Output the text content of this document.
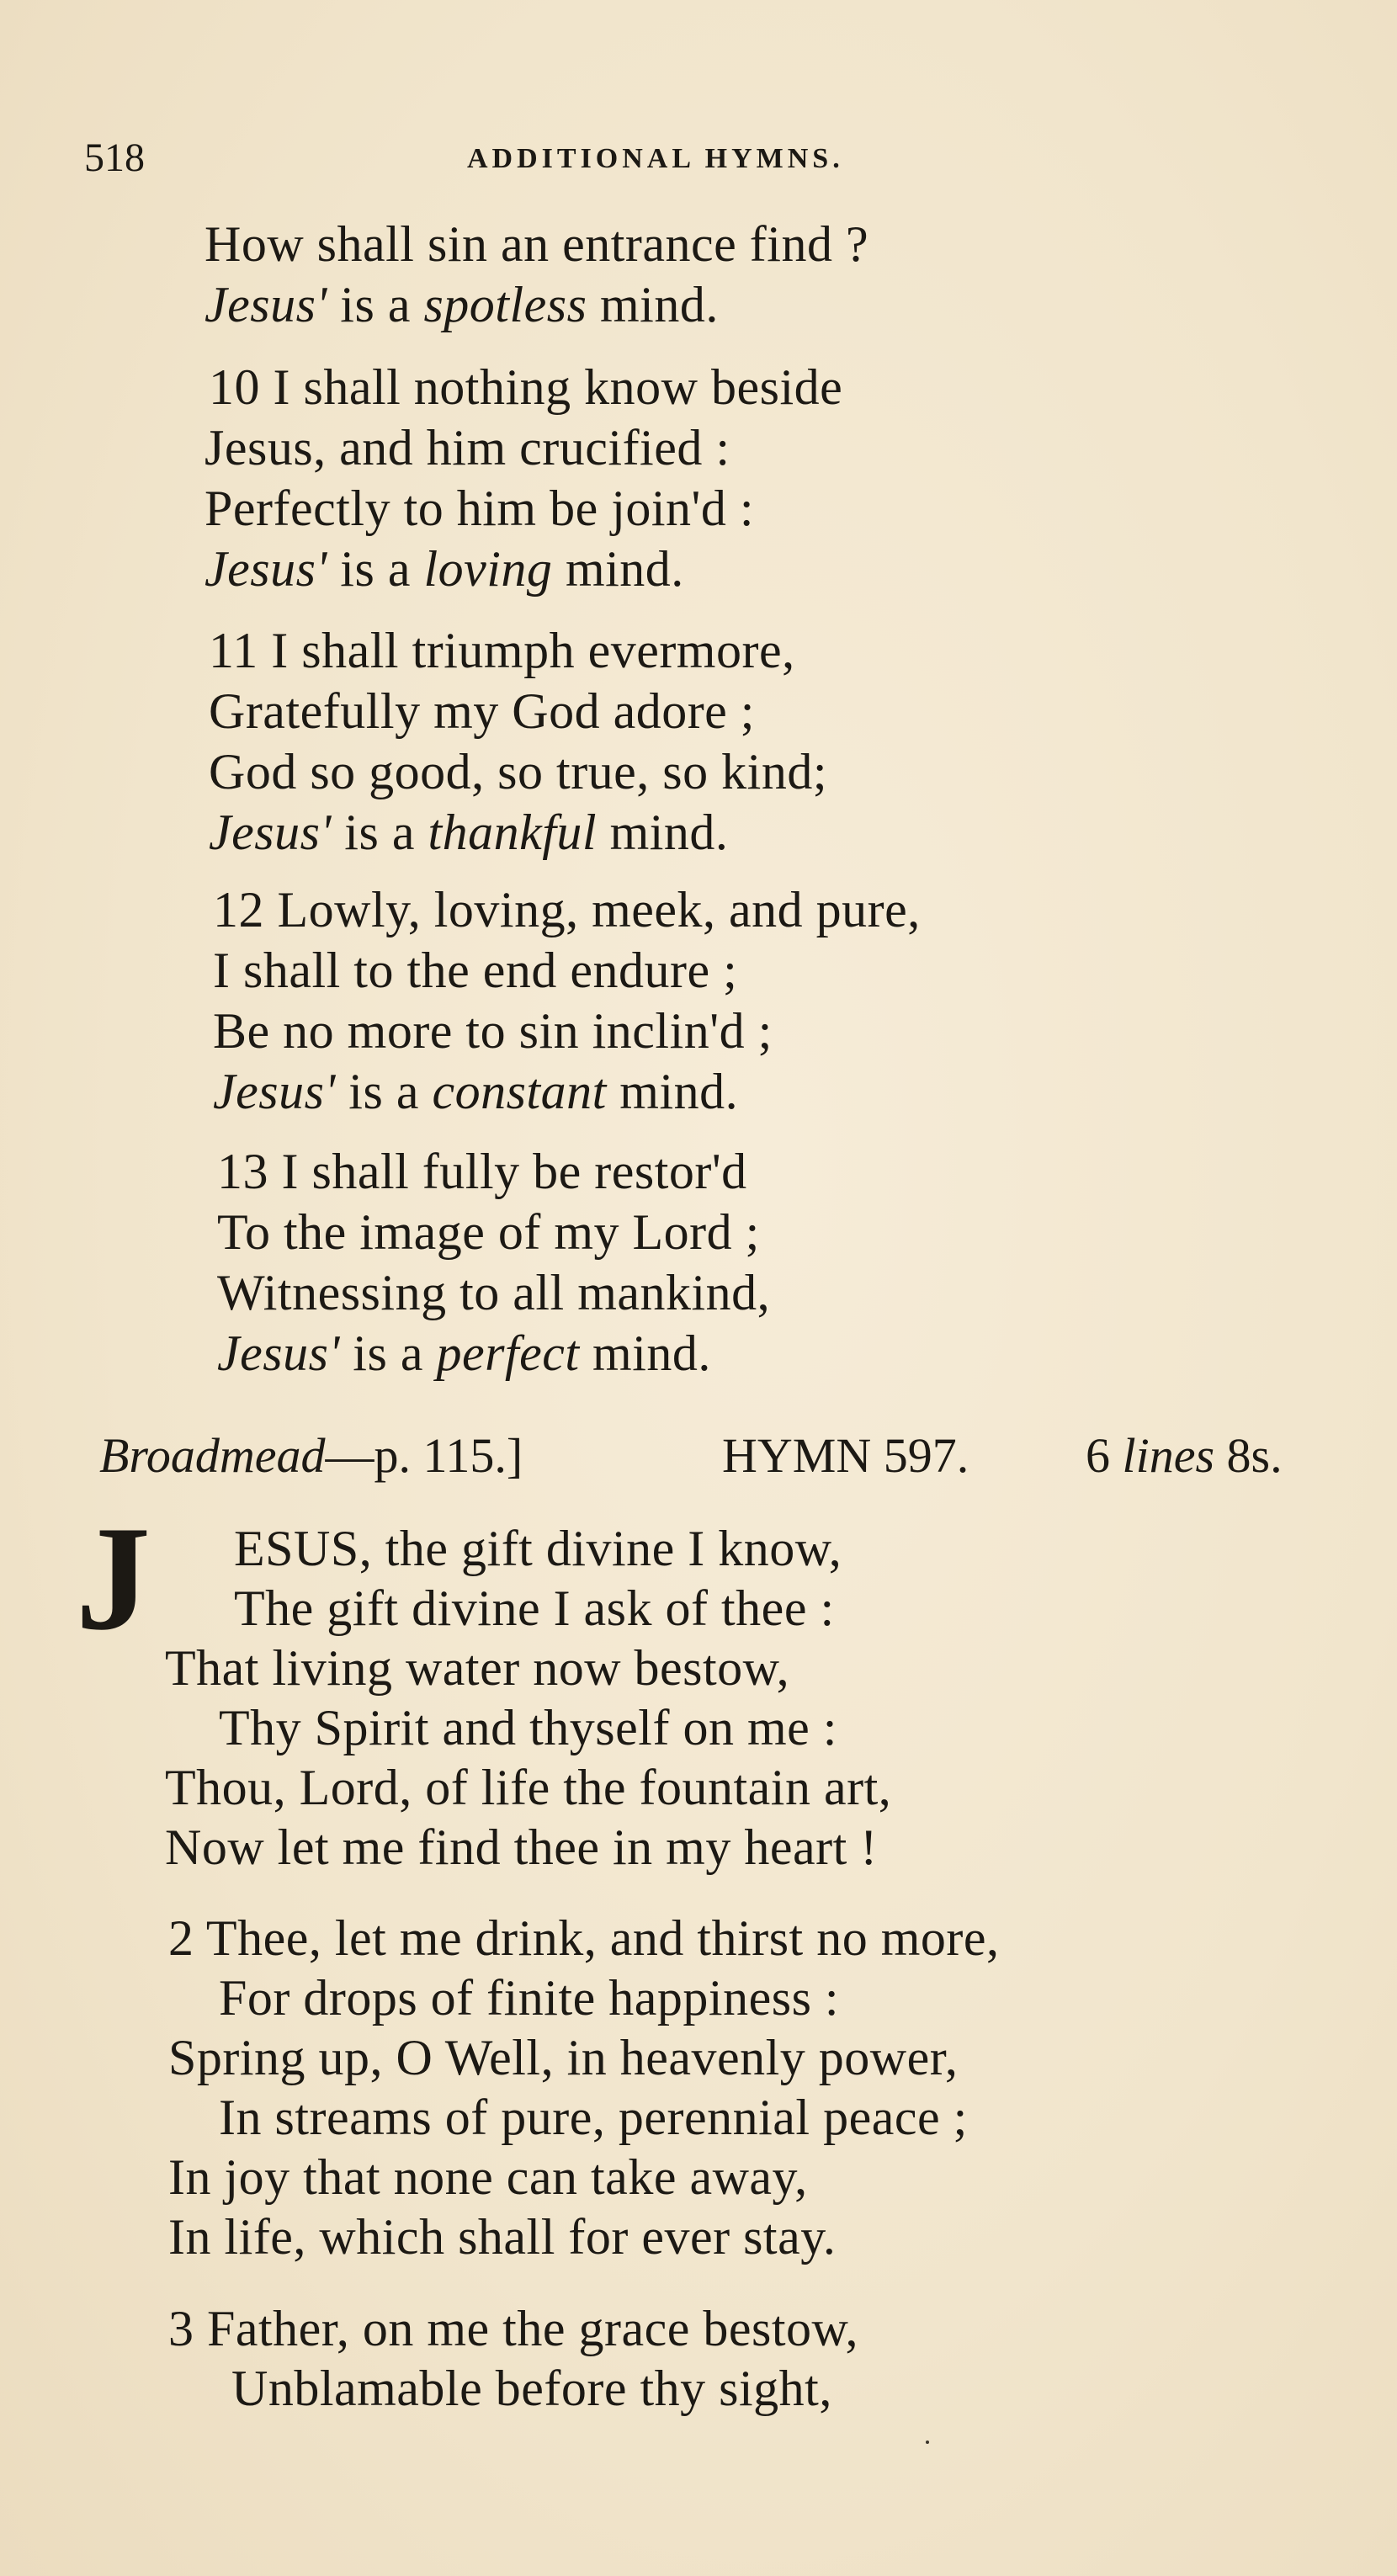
518	ADDITIONAL HYMNS.
How shall sin an entrance find ?
Jesus' is a spotless mind.
10 I shall nothing know beside
Jesus, and him crucified :
Perfectly to him be join'd :
Jesus' is a loving mind.
11 I shall triumph evermore,
Gratefully my God adore ;
God so good, so true, so kind;
Jesus' is a thankful mind.
12 Lowly, loving, meek, and pure,
I shall to the end endure ;
Be no more to sin inclin'd ;
Jesus' is a constant mind.
13 I shall fully be restor'd
To the image of my Lord ;
Witnessing to all mankind,
Jesus' is a perfect mind.
Broadmead—p. 115.]	HYMN 597. 6 lines 8s.
J ESUS, the gift divine I know,
The gift divine I ask of thee :
That living water now bestow,
Thy Spirit and thyself on me :
Thou, Lord, of life the fountain art,
Now let me find thee in my heart !
2 Thee, let me drink, and thirst no more,
For drops of finite happiness :
Spring up, O Well, in heavenly power,
In streams of pure, perennial peace ;
In joy that none can take away,
In life, which shall for ever stay.
3 Father, on me the grace bestow,
Unblamable before thy sight,
